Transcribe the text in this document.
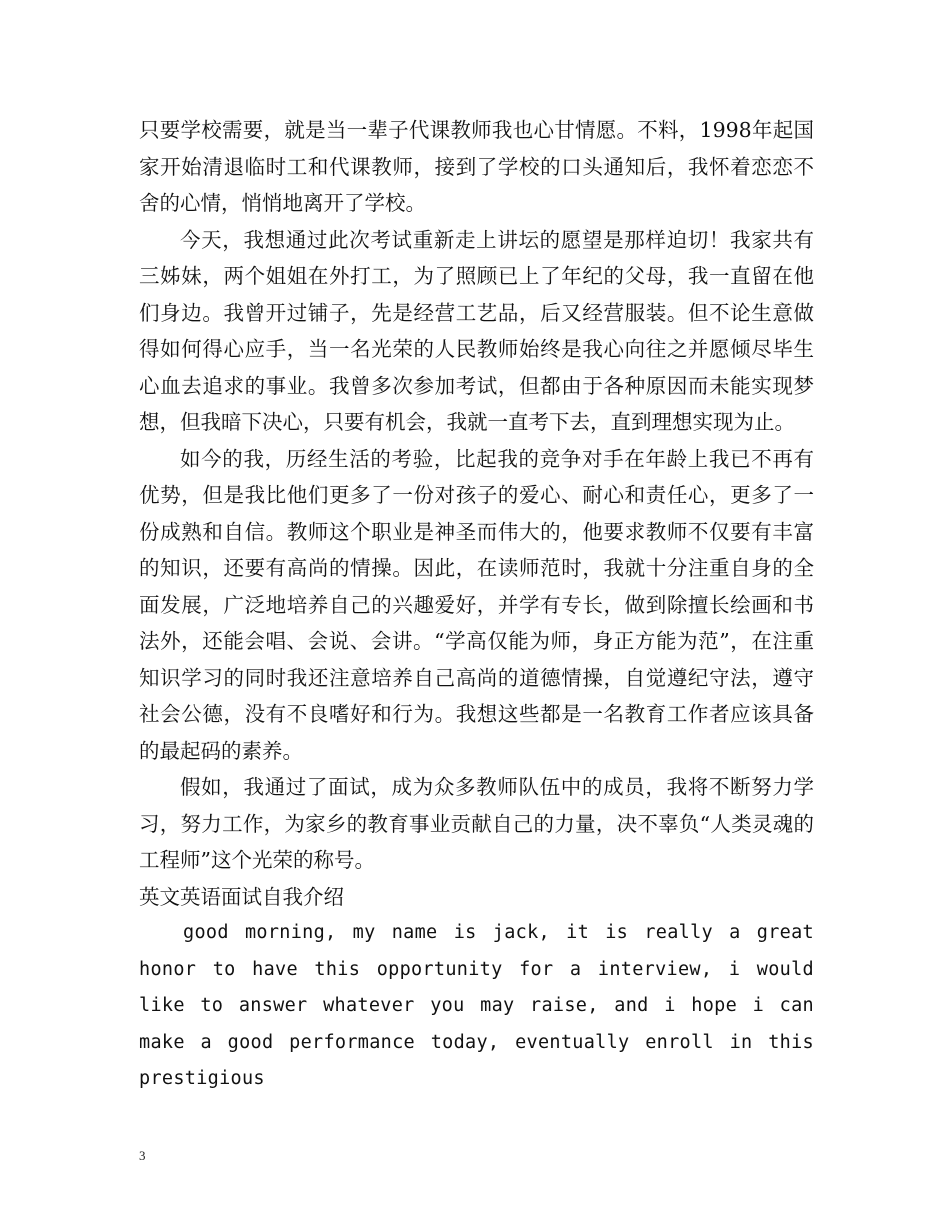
只要学校需要，就是当一辈子代课教师我也心甘情愿。不料，1998年起国家开始清退临时工和代课教师，接到了学校的口头通知后，我怀着恋恋不舍的心情，悄悄地离开了学校。

今天，我想通过此次考试重新走上讲坛的愿望是那样迫切！我家共有三姊妹，两个姐姐在外打工，为了照顾已上了年纪的父母，我一直留在他们身边。我曾开过铺子，先是经营工艺品，后又经营服装。但不论生意做得如何得心应手，当一名光荣的人民教师始终是我心向往之并愿倾尽毕生心血去追求的事业。我曾多次参加考试，但都由于各种原因而未能实现梦想，但我暗下决心，只要有机会，我就一直考下去，直到理想实现为止。

如今的我，历经生活的考验，比起我的竞争对手在年龄上我已不再有优势，但是我比他们更多了一份对孩子的爱心、耐心和责任心，更多了一份成熟和自信。教师这个职业是神圣而伟大的，他要求教师不仅要有丰富的知识，还要有高尚的情操。因此，在读师范时，我就十分注重自身的全面发展，广泛地培养自己的兴趣爱好，并学有专长，做到除擅长绘画和书法外，还能会唱、会说、会讲。“学高仅能为师，身正方能为范”，在注重知识学习的同时我还注意培养自己高尚的道德情操，自觉遵纪守法，遵守社会公德，没有不良嗜好和行为。我想这些都是一名教育工作者应该具备的最起码的素养。

假如，我通过了面试，成为众多教师队伍中的成员，我将不断努力学习，努力工作，为家乡的教育事业贡献自己的力量，决不辜负“人类灵魂的工程师”这个光荣的称号。

英文英语面试自我介绍

good morning, my name is jack, it is really a great honor to have this opportunity for a interview, i would like to answer whatever you may raise, and i hope i can make a good performance today, eventually enroll in this prestigious

3
